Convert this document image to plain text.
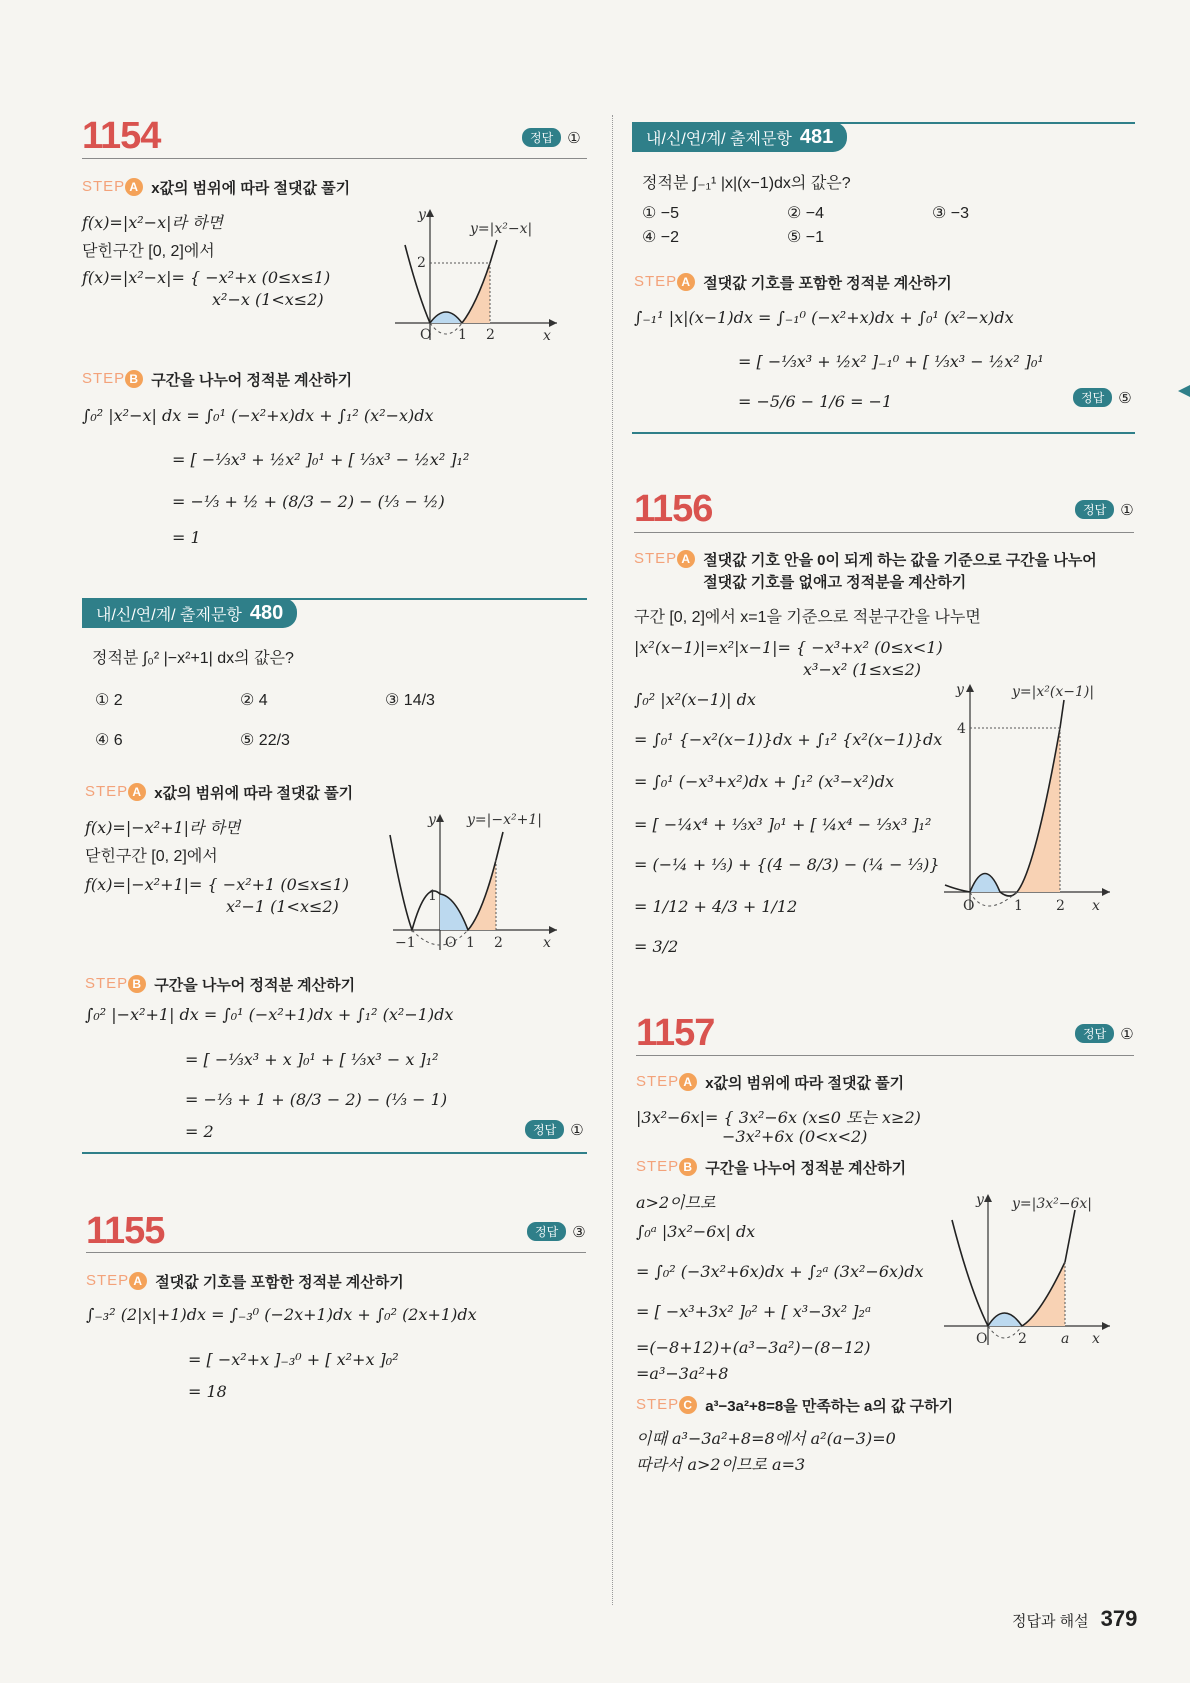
1154	정답 ①
STEP A x값의 범위에 따라 절댓값 풀기
f(x)=|x²−x|라 하면
닫힌구간 [0, 2]에서
f(x)=|x²−x|= { −x²+x (0≤x≤1)
x²−x (1<x≤2)
y
x
O 1 2
2
y=|x²−x|
STEP B 구간을 나누어 정적분 계산하기
∫₀² |x²−x| dx = ∫₀¹ (−x²+x)dx + ∫₁² (x²−x)dx
= [ −⅓x³ + ½x² ]₀¹ + [ ⅓x³ − ½x² ]₁²
= −⅓ + ½ + (8/3 − 2) − (⅓ − ½)
= 1
내/신/연/계/ 출제문항 480
정적분 ∫₀² |−x²+1| dx의 값은?
① 2	② 4	③ 14/3
④ 6	⑤ 22/3
STEP A x값의 범위에 따라 절댓값 풀기
f(x)=|−x²+1|라 하면
닫힌구간 [0, 2]에서
f(x)=|−x²+1|= { −x²+1 (0≤x≤1)
x²−1 (1<x≤2)
y
x
O
−1	1 2
1
y=|−x²+1|
STEP B 구간을 나누어 정적분 계산하기
∫₀² |−x²+1| dx = ∫₀¹ (−x²+1)dx + ∫₁² (x²−1)dx
= [ −⅓x³ + x ]₀¹ + [ ⅓x³ − x ]₁²
= −⅓ + 1 + (8/3 − 2) − (⅓ − 1)
= 2	정답 ①
1155	정답 ③
STEP A 절댓값 기호를 포함한 정적분 계산하기
∫₋₃² (2|x|+1)dx = ∫₋₃⁰ (−2x+1)dx + ∫₀² (2x+1)dx
= [ −x²+x ]₋₃⁰ + [ x²+x ]₀²
= 18
내/신/연/계/ 출제문항 481
정적분 ∫₋₁¹ |x|(x−1)dx의 값은?
① −5	② −4	③ −3
④ −2	⑤ −1
STEP A 절댓값 기호를 포함한 정적분 계산하기
∫₋₁¹ |x|(x−1)dx = ∫₋₁⁰ (−x²+x)dx + ∫₀¹ (x²−x)dx
= [ −⅓x³ + ½x² ]₋₁⁰ + [ ⅓x³ − ½x² ]₀¹
= −5/6 − 1/6 = −1	정답 ⑤
1156	정답 ①
STEP A 절댓값 기호 안을 0이 되게 하는 값을 기준으로 구간을 나누어
절댓값 기호를 없애고 정적분을 계산하기
구간 [0, 2]에서 x=1을 기준으로 적분구간을 나누면
|x²(x−1)|=x²|x−1|= { −x³+x² (0≤x<1)
x³−x² (1≤x≤2)
∫₀² |x²(x−1)| dx
= ∫₀¹ {−x²(x−1)}dx + ∫₁² {x²(x−1)}dx
= ∫₀¹ (−x³+x²)dx + ∫₁² (x³−x²)dx
= [ −¼x⁴ + ⅓x³ ]₀¹ + [ ¼x⁴ − ⅓x³ ]₁²
= (−¼ + ⅓) + {(4 − 8/3) − (¼ − ⅓)}
= 1/12 + 4/3 + 1/12
= 3/2
y
x
O	1 2
4
y=|x²(x−1)|
1157	정답 ①
STEP A x값의 범위에 따라 절댓값 풀기
|3x²−6x|= { 3x²−6x (x≤0 또는 x≥2)
−3x²+6x (0<x<2)
STEP B 구간을 나누어 정적분 계산하기
a>2이므로
∫₀ᵃ |3x²−6x| dx
= ∫₀² (−3x²+6x)dx + ∫₂ᵃ (3x²−6x)dx
= [ −x³+3x² ]₀² + [ x³−3x² ]₂ᵃ
=(−8+12)+(a³−3a²)−(8−12)
=a³−3a²+8
y
x
O 2 a
y=|3x²−6x|
STEP C a³−3a²+8=8을 만족하는 a의 값 구하기
이때 a³−3a²+8=8에서 a²(a−3)=0
따라서 a>2이므로 a=3
정답과 해설 379
